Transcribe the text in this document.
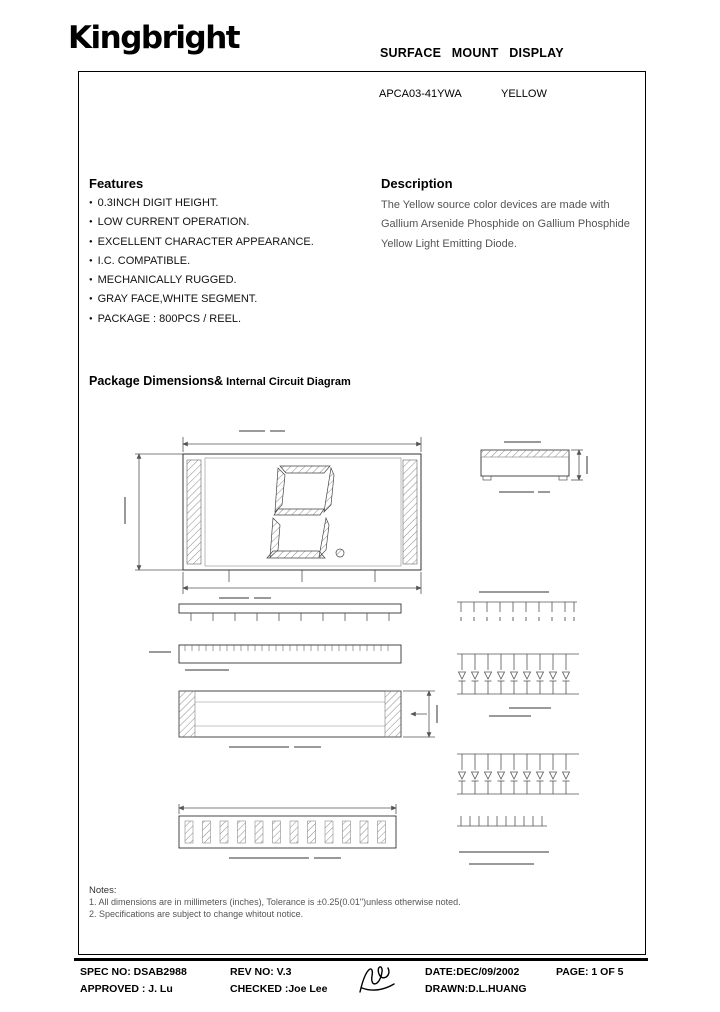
Kingbright	SURFACE MOUNT DISPLAY
APCA03-41YWA	YELLOW
Features
● 0.3INCH DIGIT HEIGHT.
● LOW CURRENT OPERATION.
● EXCELLENT CHARACTER APPEARANCE.
● I.C. COMPATIBLE.
● MECHANICALLY RUGGED.
● GRAY FACE,WHITE SEGMENT.
● PACKAGE : 800PCS / REEL.
Description
The Yellow source color devices are made with
Gallium Arsenide Phosphide on Gallium Phosphide
Yellow Light Emitting Diode.
Package Dimensions& Internal Circuit Diagram
Notes:
1. All dimensions are in millimeters (inches), Tolerance is ±0.25(0.01")unless otherwise noted.
2. Specifications are subject to change whitout notice.
SPEC NO: DSAB2988	REV NO: V.3	DATE:DEC/09/2002	PAGE: 1 OF 5
APPROVED : J. Lu	CHECKED :Joe Lee	DRAWN:D.L.HUANG
